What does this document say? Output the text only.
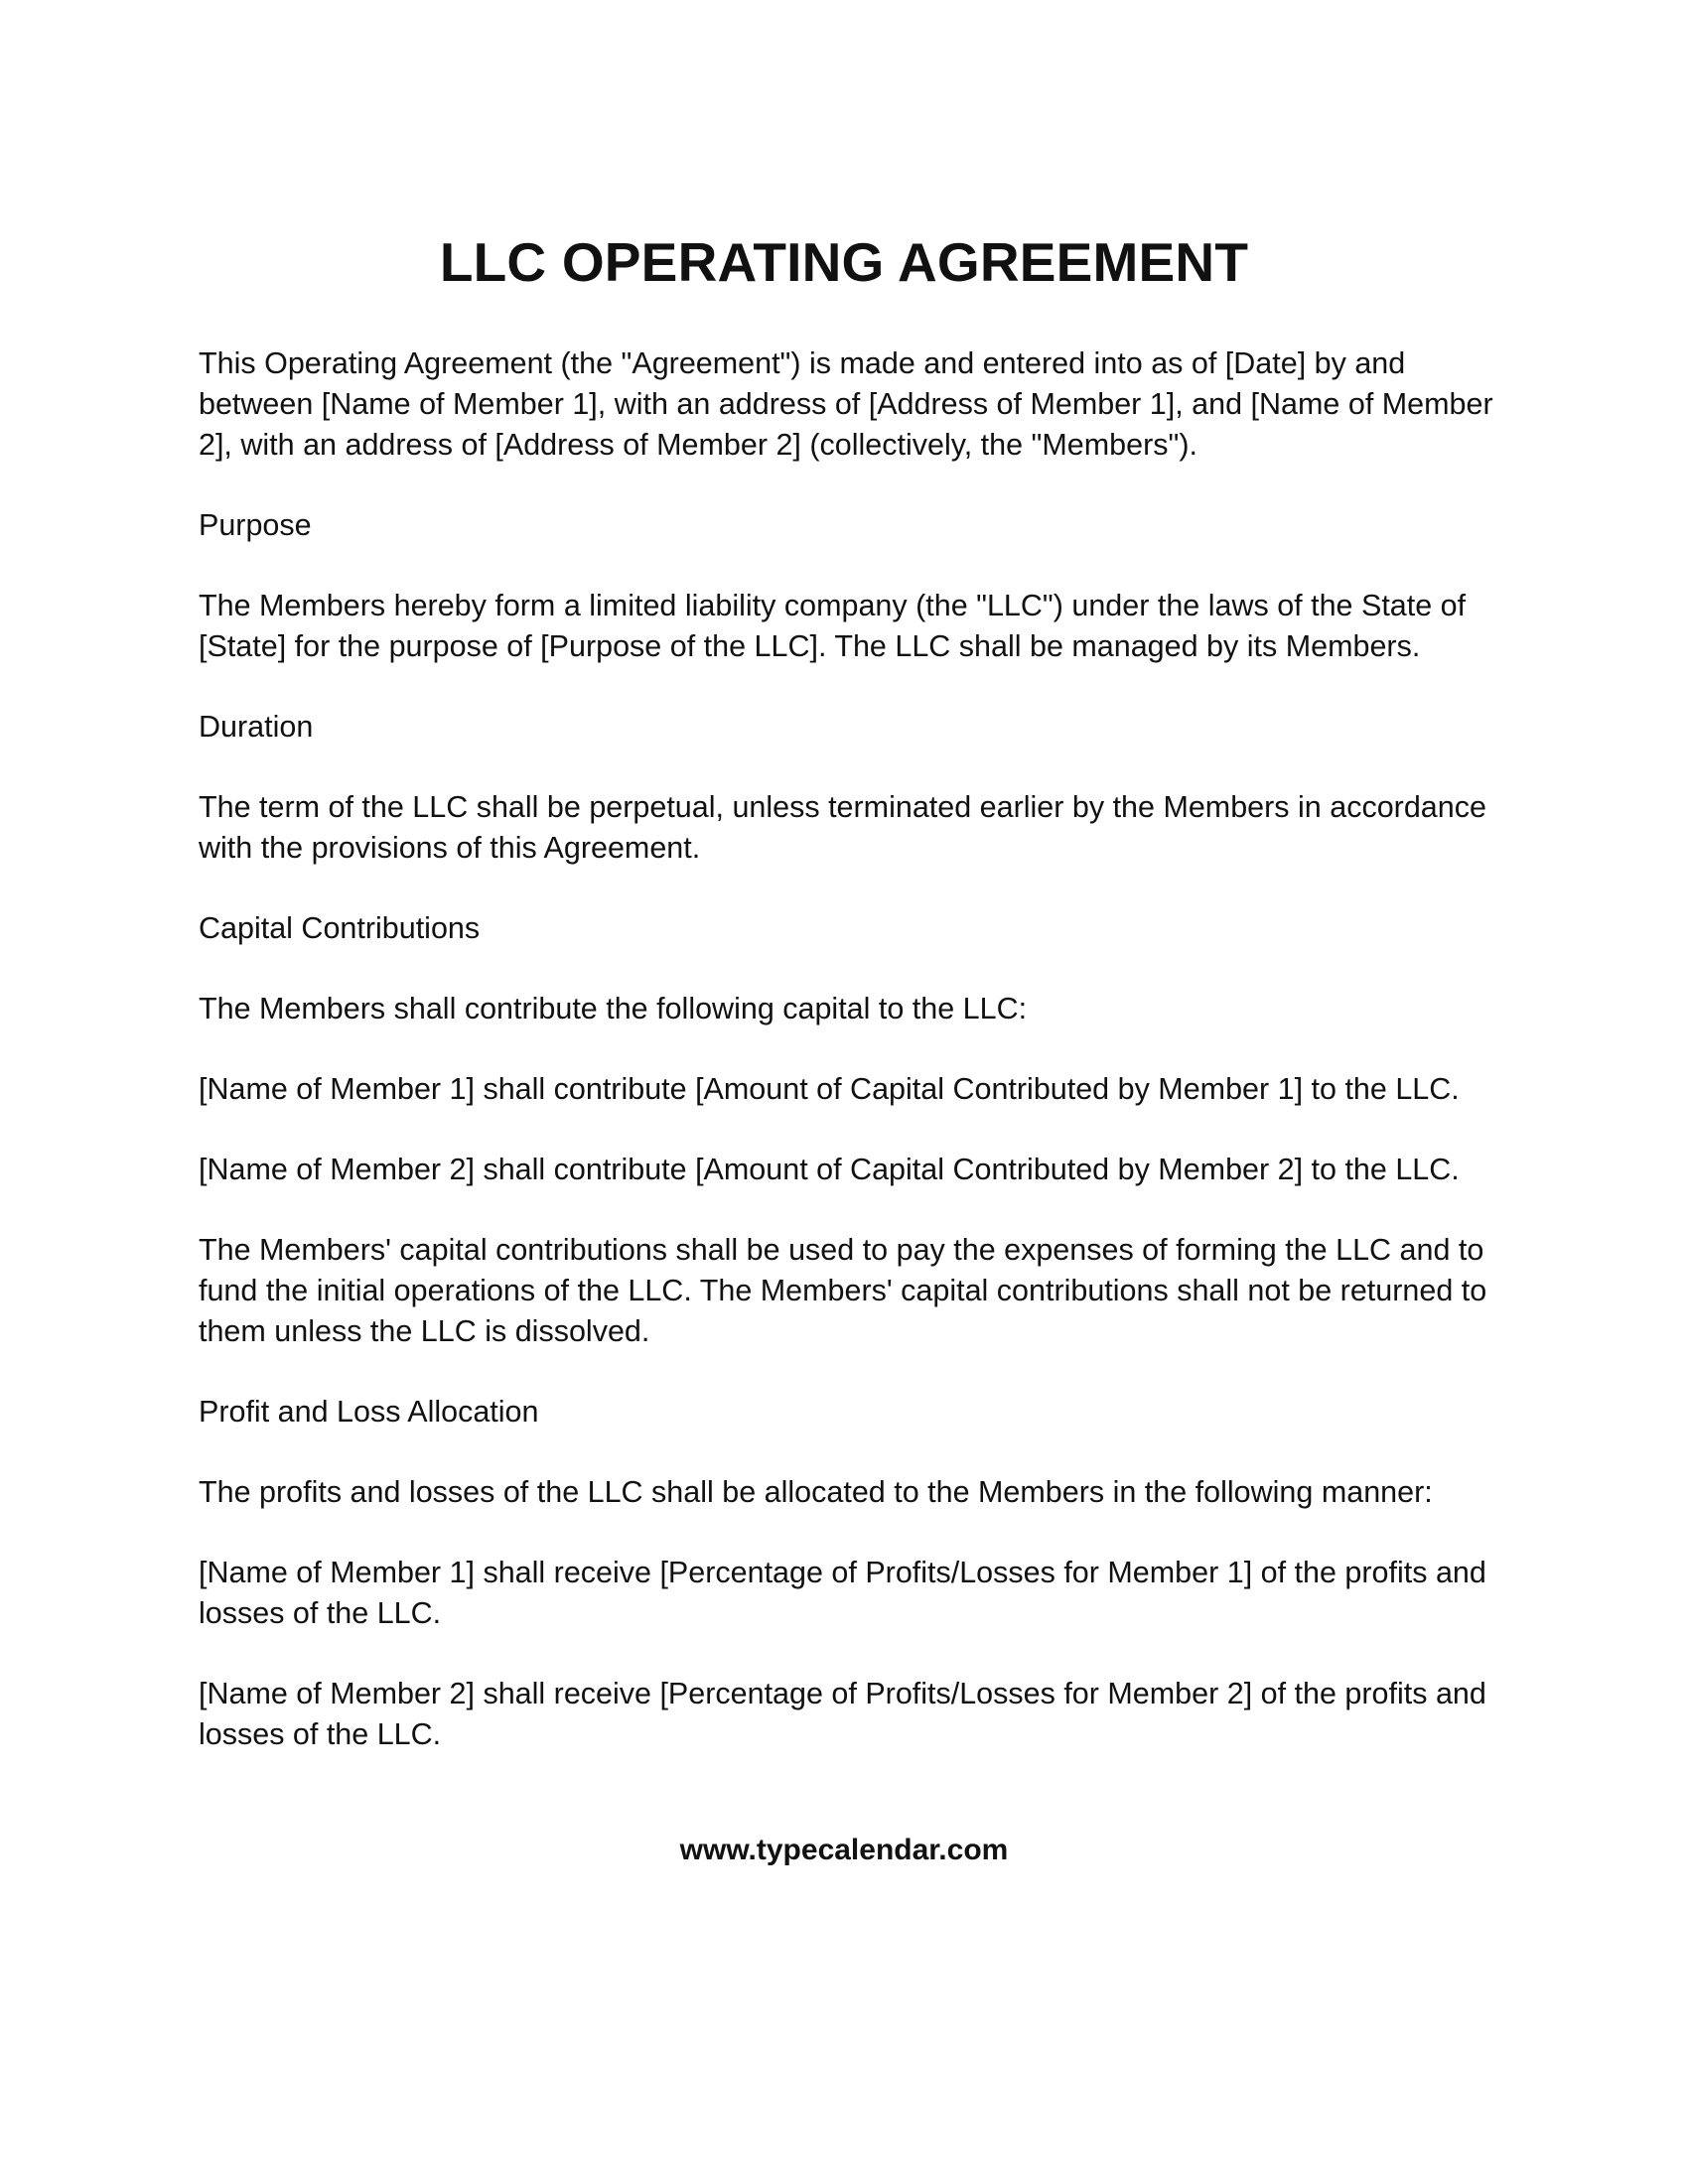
LLC OPERATING AGREEMENT

This Operating Agreement (the "Agreement") is made and entered into as of [Date] by and between [Name of Member 1], with an address of [Address of Member 1], and [Name of Member 2], with an address of [Address of Member 2] (collectively, the "Members").

Purpose

The Members hereby form a limited liability company (the "LLC") under the laws of the State of [State] for the purpose of [Purpose of the LLC]. The LLC shall be managed by its Members.

Duration

The term of the LLC shall be perpetual, unless terminated earlier by the Members in accordance with the provisions of this Agreement.

Capital Contributions

The Members shall contribute the following capital to the LLC:

[Name of Member 1] shall contribute [Amount of Capital Contributed by Member 1] to the LLC.

[Name of Member 2] shall contribute [Amount of Capital Contributed by Member 2] to the LLC.

The Members' capital contributions shall be used to pay the expenses of forming the LLC and to fund the initial operations of the LLC. The Members' capital contributions shall not be returned to them unless the LLC is dissolved.

Profit and Loss Allocation

The profits and losses of the LLC shall be allocated to the Members in the following manner:

[Name of Member 1] shall receive [Percentage of Profits/Losses for Member 1] of the profits and losses of the LLC.

[Name of Member 2] shall receive [Percentage of Profits/Losses for Member 2] of the profits and losses of the LLC.

www.typecalendar.com
